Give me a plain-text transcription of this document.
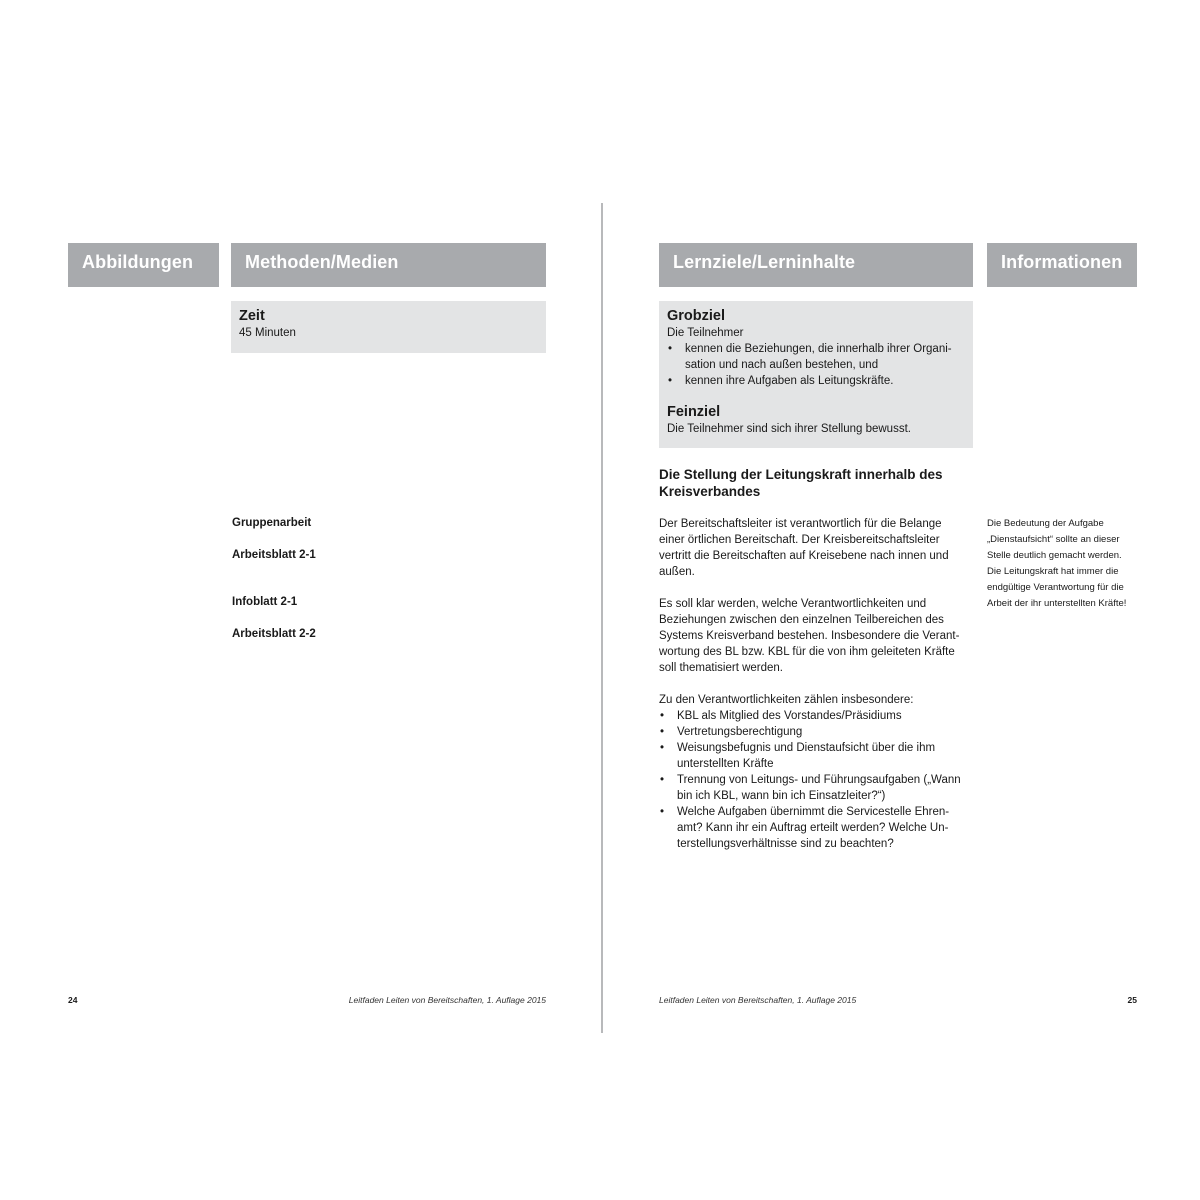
Abbildungen	Methoden/Medien
Zeit
45 Minuten
Gruppenarbeit
Arbeitsblatt 2-1
Infoblatt 2-1
Arbeitsblatt 2-2
24	Leitfaden Leiten von Bereitschaften, 1. Auflage 2015
Lernziele/Lerninhalte	Informationen
Grobziel
Die Teilnehmer
• kennen die Beziehungen, die innerhalb ihrer Organi-
sation und nach außen bestehen, und
• kennen ihre Aufgaben als Leitungskräfte.
Feinziel
Die Teilnehmer sind sich ihrer Stellung bewusst.
Die Stellung der Leitungskraft innerhalb des
Kreisverbandes
Der Bereitschaftsleiter ist verantwortlich für die Belange
einer örtlichen Bereitschaft. Der Kreisbereitschaftsleiter
vertritt die Bereitschaften auf Kreisebene nach innen und
außen.
Es soll klar werden, welche Verantwortlichkeiten und
Beziehungen zwischen den einzelnen Teilbereichen des
Systems Kreisverband bestehen. Insbesondere die Verant-
wortung des BL bzw. KBL für die von ihm geleiteten Kräfte
soll thematisiert werden.
Zu den Verantwortlichkeiten zählen insbesondere:
• KBL als Mitglied des Vorstandes/Präsidiums
• Vertretungsberechtigung
• Weisungsbefugnis und Dienstaufsicht über die ihm
unterstellten Kräfte
• Trennung von Leitungs- und Führungsaufgaben („Wann
bin ich KBL, wann bin ich Einsatzleiter?“)
• Welche Aufgaben übernimmt die Servicestelle Ehren-
amt? Kann ihr ein Auftrag erteilt werden? Welche Un-
terstellungsverhältnisse sind zu beachten?
Die Bedeutung der Aufgabe
„Dienstaufsicht“ sollte an dieser
Stelle deutlich gemacht werden.
Die Leitungskraft hat immer die
endgültige Verantwortung für die
Arbeit der ihr unterstellten Kräfte!
Leitfaden Leiten von Bereitschaften, 1. Auflage 2015	25
